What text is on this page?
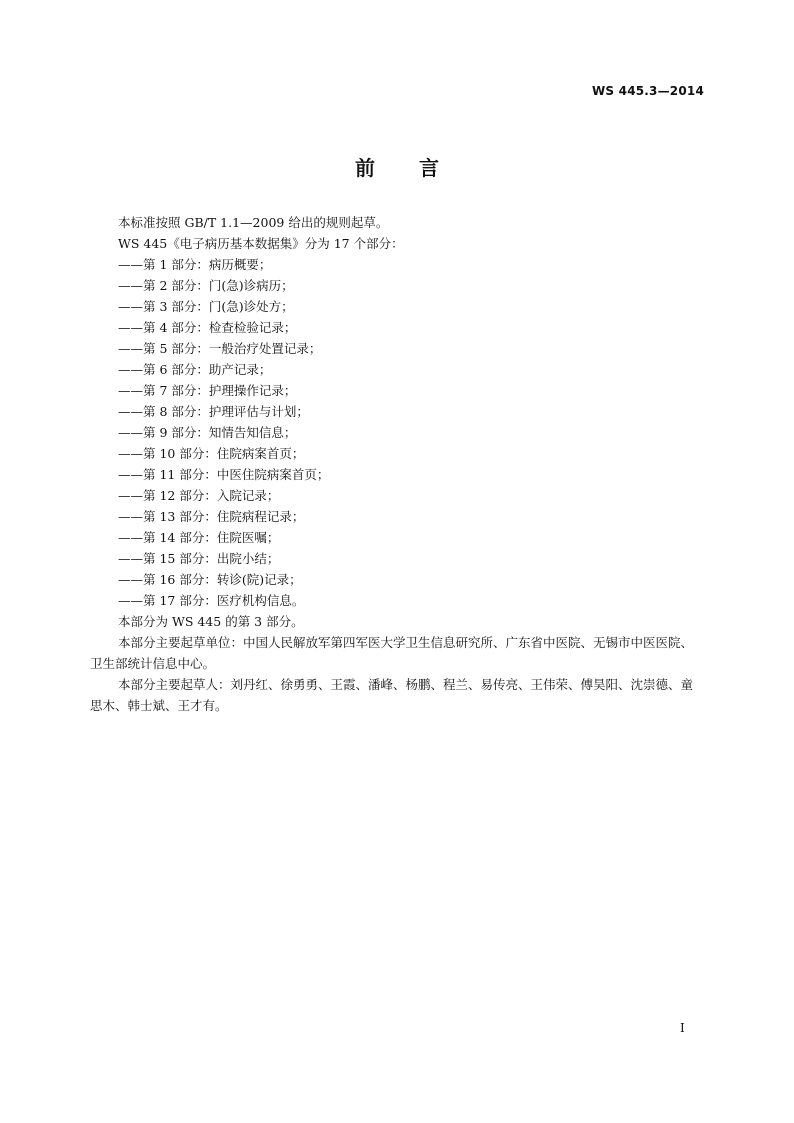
WS 445.3—2014
前言

本标准按照 GB/T 1.1—2009 给出的规则起草。

WS 445《电子病历基本数据集》分为 17 个部分：

——第 1 部分：病历概要；
——第 2 部分：门(急)诊病历；
——第 3 部分：门(急)诊处方；
——第 4 部分：检查检验记录；
——第 5 部分：一般治疗处置记录；
——第 6 部分：助产记录；
——第 7 部分：护理操作记录；
——第 8 部分：护理评估与计划；
——第 9 部分：知情告知信息；
——第 10 部分：住院病案首页；
——第 11 部分：中医住院病案首页；
——第 12 部分：入院记录；
——第 13 部分：住院病程记录；
——第 14 部分：住院医嘱；
——第 15 部分：出院小结；
——第 16 部分：转诊(院)记录；
——第 17 部分：医疗机构信息。

本部分为 WS 445 的第 3 部分。

本部分主要起草单位：中国人民解放军第四军医大学卫生信息研究所、广东省中医院、无锡市中医医院、卫生部统计信息中心。

本部分主要起草人：刘丹红、徐勇勇、王霞、潘峰、杨鹏、程兰、易传亮、王伟荣、傅昊阳、沈崇德、童思木、韩士斌、王才有。

I
